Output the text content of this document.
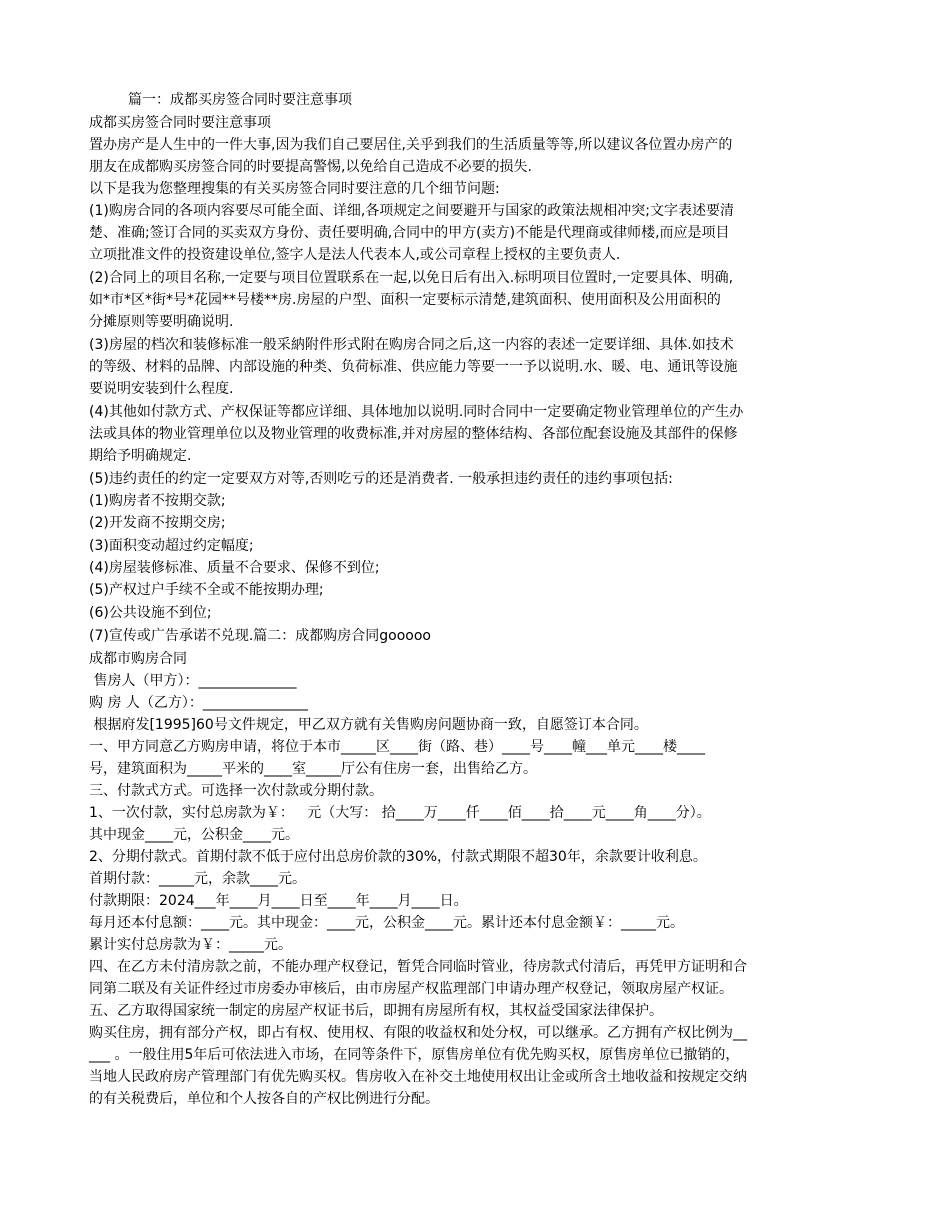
篇一：成都买房签合同时要注意事项
成都买房签合同时要注意事项
置办房产是人生中的一件大事,因为我们自己要居住,关乎到我们的生活质量等等,所以建议各位置办房产的
朋友在成都购买房签合同的时要提高警惕,以免给自己造成不必要的损失.
以下是我为您整理搜集的有关买房签合同时要注意的几个细节问题:
(1)购房合同的各项内容要尽可能全面、详细,各项规定之间要避开与国家的政策法规相冲突;文字表述要清
楚、准确;签订合同的买卖双方身份、责任要明确,合同中的甲方(卖方)不能是代理商或律师楼,而应是项目
立项批准文件的投资建设单位,签字人是法人代表本人,或公司章程上授权的主要负责人.
(2)合同上的项目名称,一定要与项目位置联系在一起,以免日后有出入.标明项目位置时,一定要具体、明确,
如*市*区*街*号*花园**号楼**房.房屋的户型、面积一定要标示清楚,建筑面积、使用面积及公用面积的
分摊原则等要明确说明.
(3)房屋的档次和装修标准一般采納附件形式附在购房合同之后,这一内容的表述一定要详细、具体.如技术
的等级、材料的品牌、内部设施的种类、负荷标准、供应能力等要一一予以说明.水、暖、电、通讯等设施
要说明安装到什么程度.
(4)其他如付款方式、产权保证等都应详细、具体地加以说明.同时合同中一定要确定物业管理单位的产生办
法或具体的物业管理单位以及物业管理的收费标准,并对房屋的整体结构、各部位配套设施及其部件的保修
期给予明确规定.
(5)违约责任的约定一定要双方对等,否则吃亏的还是消费者. 一般承担违约责任的违约事项包括:
(1)购房者不按期交款;
(2)开发商不按期交房;
(3)面积变动超过约定幅度;
(4)房屋装修标准、质量不合要求、保修不到位;
(5)产权过户手续不全或不能按期办理;
(6)公共设施不到位;
(7)宣传或广告承诺不兑现.篇二：成都购房合同gooooo
成都市购房合同
售房人（甲方）：______________
购 房 人（乙方）：_______________
根据府发[1995]60号文件规定，甲乙双方就有关售购房问题协商一致，自愿签订本合同。
一、甲方同意乙方购房申请，将位于本市_____区____街（路、巷）____号____幢___单元____楼____
号，建筑面积为_____平米的____室_____厅公有住房一套，出售给乙方。
三、付款式方式。可选择一次付款或分期付款。
1、一次付款，实付总房款为￥：   元（大写： 拾____万____仟____佰____拾____元____角____分）。
其中现金____元，公积金____元。
2、分期付款式。首期付款不低于应付出总房价款的30%，付款式期限不超30年，余款要计收利息。
首期付款：_____元，余款____元。
付款期限：2024___年____月____日至____年____月____日。
每月还本付息额：____元。其中现金：____元，公积金____元。累计还本付息金额￥：_____元。
累计实付总房款为￥：_____元。
四、在乙方未付清房款之前，不能办理产权登记，暂凭合同临时管业，待房款式付清后，再凭甲方证明和合
同第二联及有关证件经过市房委办审核后，由市房屋产权监理部门申请办理产权登记，领取房屋产权证。
五、乙方取得国家统一制定的房屋产权证书后，即拥有房屋所有权，其权益受国家法律保护。
购买住房，拥有部分产权，即占有权、使用权、有限的收益权和处分权，可以继承。乙方拥有产权比例为__
___ 。一般住用5年后可依法进入市场，在同等条件下，原售房单位有优先购买权，原售房单位已撤销的，
当地人民政府房产管理部门有优先购买权。售房收入在补交土地使用权出让金或所含土地收益和按规定交纳
的有关税费后，单位和个人按各自的产权比例进行分配。
